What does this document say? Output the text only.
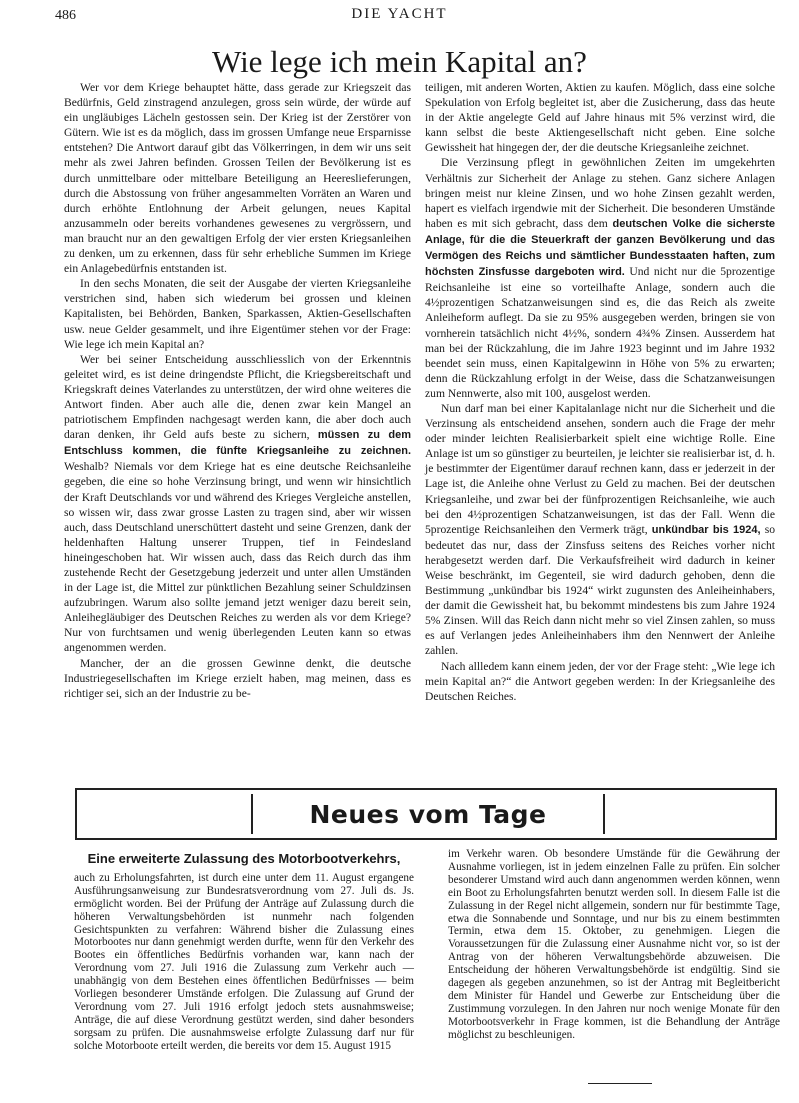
486	DIE YACHT
Wie lege ich mein Kapital an?

Wer vor dem Kriege behauptet hätte, dass gerade zur Kriegszeit das Bedürfnis, Geld zinstragend anzulegen, gross sein würde, der würde auf ein ungläubiges Lächeln gestossen sein. Der Krieg ist der Zerstörer von Gütern. Wie ist es da möglich, dass im grossen Umfange neue Ersparnisse entstehen? Die Antwort darauf gibt das Völkerringen, in dem wir uns seit mehr als zwei Jahren befinden. Grossen Teilen der Bevölkerung ist es durch unmittelbare oder mittelbare Beteiligung an Heereslieferungen, durch die Abstossung von früher angesammelten Vorräten an Waren und durch erhöhte Entlohnung der Arbeit gelungen, neues Kapital anzusammeln oder bereits vorhandenes gewesenes zu vergrössern, und man braucht nur an den gewaltigen Erfolg der vier ersten Kriegsanleihen zu denken, um zu erkennen, dass für sehr erhebliche Summen im Kriege ein Anlagebedürfnis entstanden ist.

In den sechs Monaten, die seit der Ausgabe der vierten Kriegsanleihe verstrichen sind, haben sich wiederum bei grossen und kleinen Kapitalisten, bei Behörden, Banken, Sparkassen, Aktien-Gesellschaften usw. neue Gelder gesammelt, und ihre Eigentümer stehen vor der Frage: Wie lege ich mein Kapital an?

Wer bei seiner Entscheidung ausschliesslich von der Erkenntnis geleitet wird, es ist deine dringendste Pflicht, die Kriegsbereitschaft und Kriegskraft deines Vaterlandes zu unterstützen, der wird ohne weiteres die Antwort finden. Aber auch alle die, denen zwar kein Mangel an patriotischem Empfinden nachgesagt werden kann, die aber doch auch daran denken, ihr Geld aufs beste zu sichern, müssen zu dem Entschluss kommen, die fünfte Kriegsanleihe zu zeichnen. Weshalb? Niemals vor dem Kriege hat es eine deutsche Reichsanleihe gegeben, die eine so hohe Verzinsung bringt, und wenn wir hinsichtlich der Kraft Deutschlands vor und während des Krieges Vergleiche anstellen, so wissen wir, dass zwar grosse Lasten zu tragen sind, aber wir wissen auch, dass Deutschland unerschüttert dasteht und seine Grenzen, dank der heldenhaften Haltung unserer Truppen, tief in Feindesland hineingeschoben hat. Wir wissen auch, dass das Reich durch das ihm zustehende Recht der Gesetzgebung jederzeit und unter allen Umständen in der Lage ist, die Mittel zur pünktlichen Bezahlung seiner Schuldzinsen aufzubringen. Warum also sollte jemand jetzt weniger dazu bereit sein, Anleihegläubiger des Deutschen Reiches zu werden als vor dem Kriege? Nur von furchtsamen und wenig überlegenden Leuten kann so etwas angenommen werden.

Mancher, der an die grossen Gewinne denkt, die deutsche Industriegesellschaften im Kriege erzielt haben, mag meinen, dass es richtiger sei, sich an der Industrie zu be-

teiligen, mit anderen Worten, Aktien zu kaufen. Möglich, dass eine solche Spekulation von Erfolg begleitet ist, aber die Zusicherung, dass das heute in der Aktie angelegte Geld auf Jahre hinaus mit 5% verzinst wird, die kann selbst die beste Aktiengesellschaft nicht geben. Eine solche Gewissheit hat hingegen der, der die deutsche Kriegsanleihe zeichnet.

Die Verzinsung pflegt in gewöhnlichen Zeiten im umgekehrten Verhältnis zur Sicherheit der Anlage zu stehen. Ganz sichere Anlagen bringen meist nur kleine Zinsen, und wo hohe Zinsen gezahlt werden, hapert es vielfach irgendwie mit der Sicherheit. Die besonderen Umstände haben es mit sich gebracht, dass dem deutschen Volke die sicherste Anlage, für die die Steuerkraft der ganzen Bevölkerung und das Vermögen des Reichs und sämtlicher Bundesstaaten haften, zum höchsten Zinsfusse dargeboten wird. Und nicht nur die 5prozentige Reichsanleihe ist eine so vorteilhafte Anlage, sondern auch die 4½prozentigen Schatzanweisungen sind es, die das Reich als zweite Anleiheform auflegt. Da sie zu 95% ausgegeben werden, bringen sie von vornherein tatsächlich nicht 4½%, sondern 4¾% Zinsen. Ausserdem hat man bei der Rückzahlung, die im Jahre 1923 beginnt und im Jahre 1932 beendet sein muss, einen Kapitalgewinn in Höhe von 5% zu erwarten; denn die Rückzahlung erfolgt in der Weise, dass die Schatzanweisungen zum Nennwerte, also mit 100, ausgelost werden.

Nun darf man bei einer Kapitalanlage nicht nur die Sicherheit und die Verzinsung als entscheidend ansehen, sondern auch die Frage der mehr oder minder leichten Realisierbarkeit spielt eine wichtige Rolle. Eine Anlage ist um so günstiger zu beurteilen, je leichter sie realisierbar ist, d. h. je bestimmter der Eigentümer darauf rechnen kann, dass er jederzeit in der Lage ist, die Anleihe ohne Verlust zu Geld zu machen. Bei der deutschen Kriegsanleihe, und zwar bei der fünfprozentigen Reichsanleihe, wie auch bei den 4½prozentigen Schatzanweisungen, ist das der Fall. Wenn die 5prozentige Reichsanleihen den Vermerk trägt, unkündbar bis 1924, so bedeutet das nur, dass der Zinsfuss seitens des Reiches vorher nicht herabgesetzt werden darf. Die Verkaufsfreiheit wird dadurch in keiner Weise beschränkt, im Gegenteil, sie wird dadurch gehoben, denn die Bestimmung „unkündbar bis 1924“ wirkt zugunsten des Anleiheinhabers, der damit die Gewissheit hat, bu bekommt mindestens bis zum Jahre 1924 5% Zinsen. Will das Reich dann nicht mehr so viel Zinsen zahlen, so muss es auf Verlangen jedes Anleiheinhabers ihm den Nennwert der Anleihe zahlen.

Nach allledem kann einem jeden, der vor der Frage steht: „Wie lege ich mein Kapital an?“ die Antwort gegeben werden: In der Kriegsanleihe des Deutschen Reiches.

Neues vom Tage

Eine erweiterte Zulassung des Motorbootverkehrs,

auch zu Erholungsfahrten, ist durch eine unter dem 11. August ergangene Ausführungsanweisung zur Bundesratsverordnung vom 27. Juli ds. Js. ermöglicht worden. Bei der Prüfung der Anträge auf Zulassung durch die höheren Verwaltungsbehörden ist nunmehr nach folgenden Gesichtspunkten zu verfahren: Während bisher die Zulassung eines Motorbootes nur dann genehmigt werden durfte, wenn für den Verkehr des Bootes ein öffentliches Bedürfnis vorhanden war, kann nach der Verordnung vom 27. Juli 1916 die Zulassung zum Verkehr auch — unabhängig von dem Bestehen eines öffentlichen Bedürfnisses — beim Vorliegen besonderer Umstände erfolgen. Die Zulassung auf Grund der Verordnung vom 27. Juli 1916 erfolgt jedoch stets ausnahmsweise; Anträge, die auf diese Verordnung gestützt werden, sind daher besonders sorgsam zu prüfen. Die ausnahmsweise erfolgte Zulassung darf nur für solche Motorboote erteilt werden, die bereits vor dem 15. August 1915

im Verkehr waren. Ob besondere Umstände für die Gewährung der Ausnahme vorliegen, ist in jedem einzelnen Falle zu prüfen. Ein solcher besonderer Umstand wird auch dann angenommen werden können, wenn ein Boot zu Erholungsfahrten benutzt werden soll. In diesem Falle ist die Zulassung in der Regel nicht allgemein, sondern nur für bestimmte Tage, etwa die Sonnabende und Sonntage, und nur bis zu einem bestimmten Termin, etwa dem 15. Oktober, zu genehmigen. Liegen die Voraussetzungen für die Zulassung einer Ausnahme nicht vor, so ist der Antrag von der höheren Verwaltungsbehörde abzuweisen. Die Entscheidung der höheren Verwaltungsbehörde ist endgültig. Sind sie dagegen als gegeben anzunehmen, so ist der Antrag mit Begleitbericht dem Minister für Handel und Gewerbe zur Entscheidung über die Zustimmung vorzulegen. In den Jahren nur noch wenige Monate für den Motorbootsverkehr in Frage kommen, ist die Behandlung der Anträge möglichst zu beschleunigen.
